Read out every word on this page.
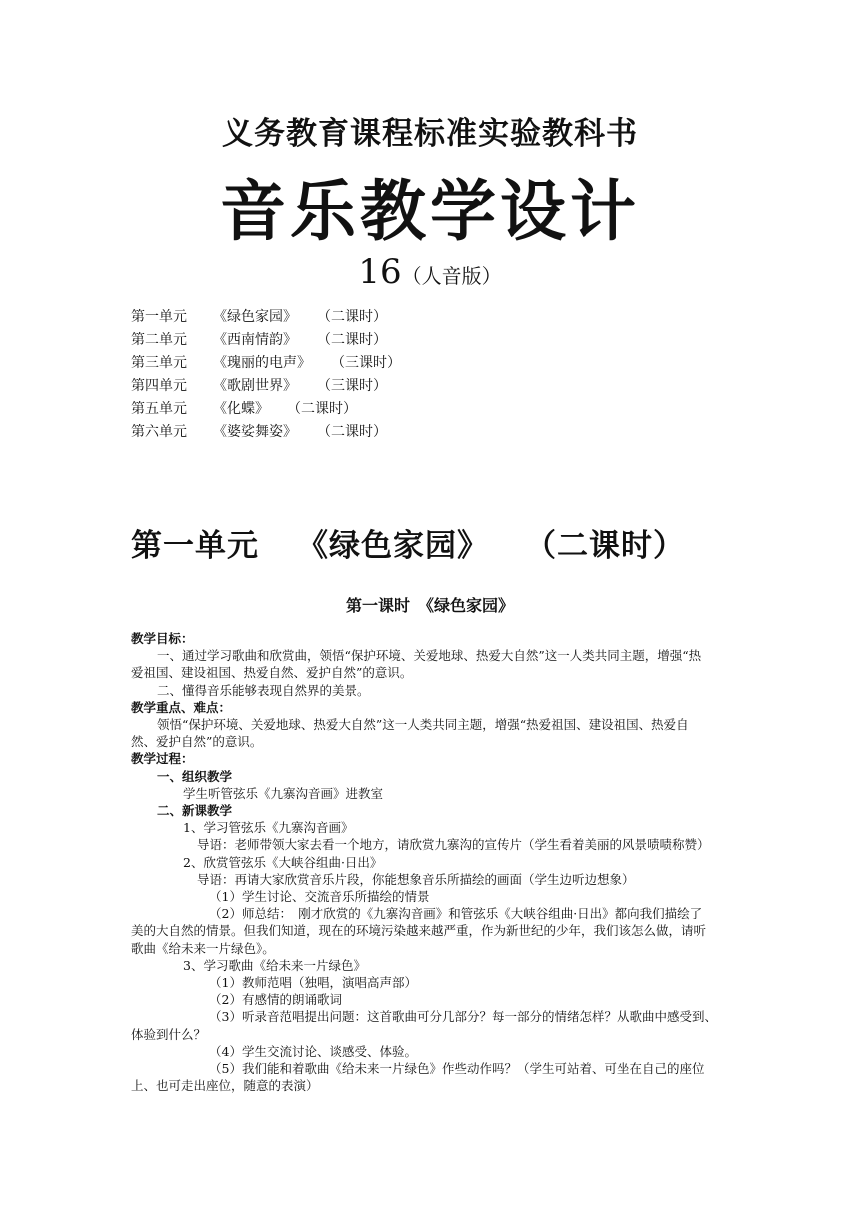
义务教育课程标准实验教科书
音乐教学设计
16（人音版）
第一单元 《绿色家园》 （二课时）
第二单元 《西南情韵》 （二课时）
第三单元 《瑰丽的电声》 （三课时）
第四单元 《歌剧世界》 （三课时）
第五单元 《化蝶》 （二课时）
第六单元 《婆娑舞姿》 （二课时）
第一单元 《绿色家园》 （二课时）
第一课时　《绿色家园》

教学目标：

一、通过学习歌曲和欣赏曲，领悟“保护环境、关爱地球、热爱大自然”这一人类共同主题，增强“热

爱祖国、建设祖国、热爱自然、爱护自然”的意识。

二、懂得音乐能够表现自然界的美景。

教学重点、难点：

领悟“保护环境、关爱地球、热爱大自然”这一人类共同主题，增强“热爱祖国、建设祖国、热爱自

然、爱护自然”的意识。

教学过程：

一、组织教学

学生听管弦乐《九寨沟音画》进教室

二、新课教学

1、学习管弦乐《九寨沟音画》

导语：老师带领大家去看一个地方，请欣赏九寨沟的宣传片（学生看着美丽的风景啧啧称赞）

2、欣赏管弦乐《大峡谷组曲·日出》

导语：再请大家欣赏音乐片段，你能想象音乐所描绘的画面（学生边听边想象）

（1）学生讨论、交流音乐所描绘的情景

（2）师总结：　刚才欣赏的《九寨沟音画》和管弦乐《大峡谷组曲·日出》都向我们描绘了

美的大自然的情景。但我们知道，现在的环境污染越来越严重，作为新世纪的少年，我们该怎么做，请听

歌曲《给未来一片绿色》。

3、学习歌曲《给未来一片绿色》

（1）教师范唱（独唱，演唱高声部）

（2）有感情的朗诵歌词

（3）听录音范唱提出问题：这首歌曲可分几部分？每一部分的情绪怎样？从歌曲中感受到、

体验到什么？

（4）学生交流讨论、谈感受、体验。

（5）我们能和着歌曲《给未来一片绿色》作些动作吗？（学生可站着、可坐在自己的座位

上、也可走出座位，随意的表演）
